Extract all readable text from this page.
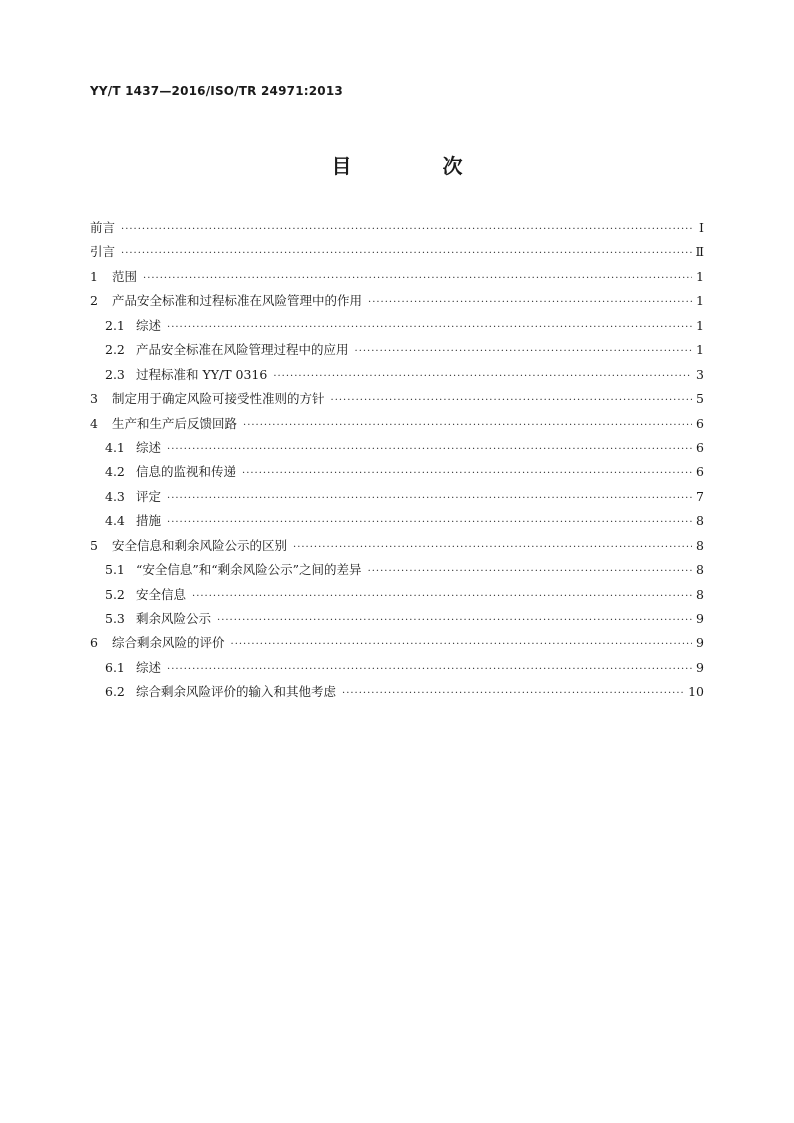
YY/T 1437—2016/ISO/TR 24971:2013
目 次
前言 ·····	Ⅰ
引言 ·····	Ⅱ
1	范围 ·····	1
2	产品安全标准和过程标准在风险管理中的作用 ·····	1
2.1 综述 ·····	1
2.2 产品安全标准在风险管理过程中的应用 ·····	1
2.3 过程标准和 YY/T 0316 ·····	3
3	制定用于确定风险可接受性准则的方针 ·····	5
4	生产和生产后反馈回路 ·····	6
4.1 综述 ·····	6
4.2 信息的监视和传递 ·····	6
4.3 评定 ·····	7
4.4 措施 ·····	8
5	安全信息和剩余风险公示的区别 ·····	8
5.1 “安全信息”和“剩余风险公示”之间的差异 ·····	8
5.2 安全信息 ·····	8
5.3 剩余风险公示 ·····	9
6	综合剩余风险的评价 ·····	9
6.1 综述 ·····	9
6.2 综合剩余风险评价的输入和其他考虑 ·····	10
